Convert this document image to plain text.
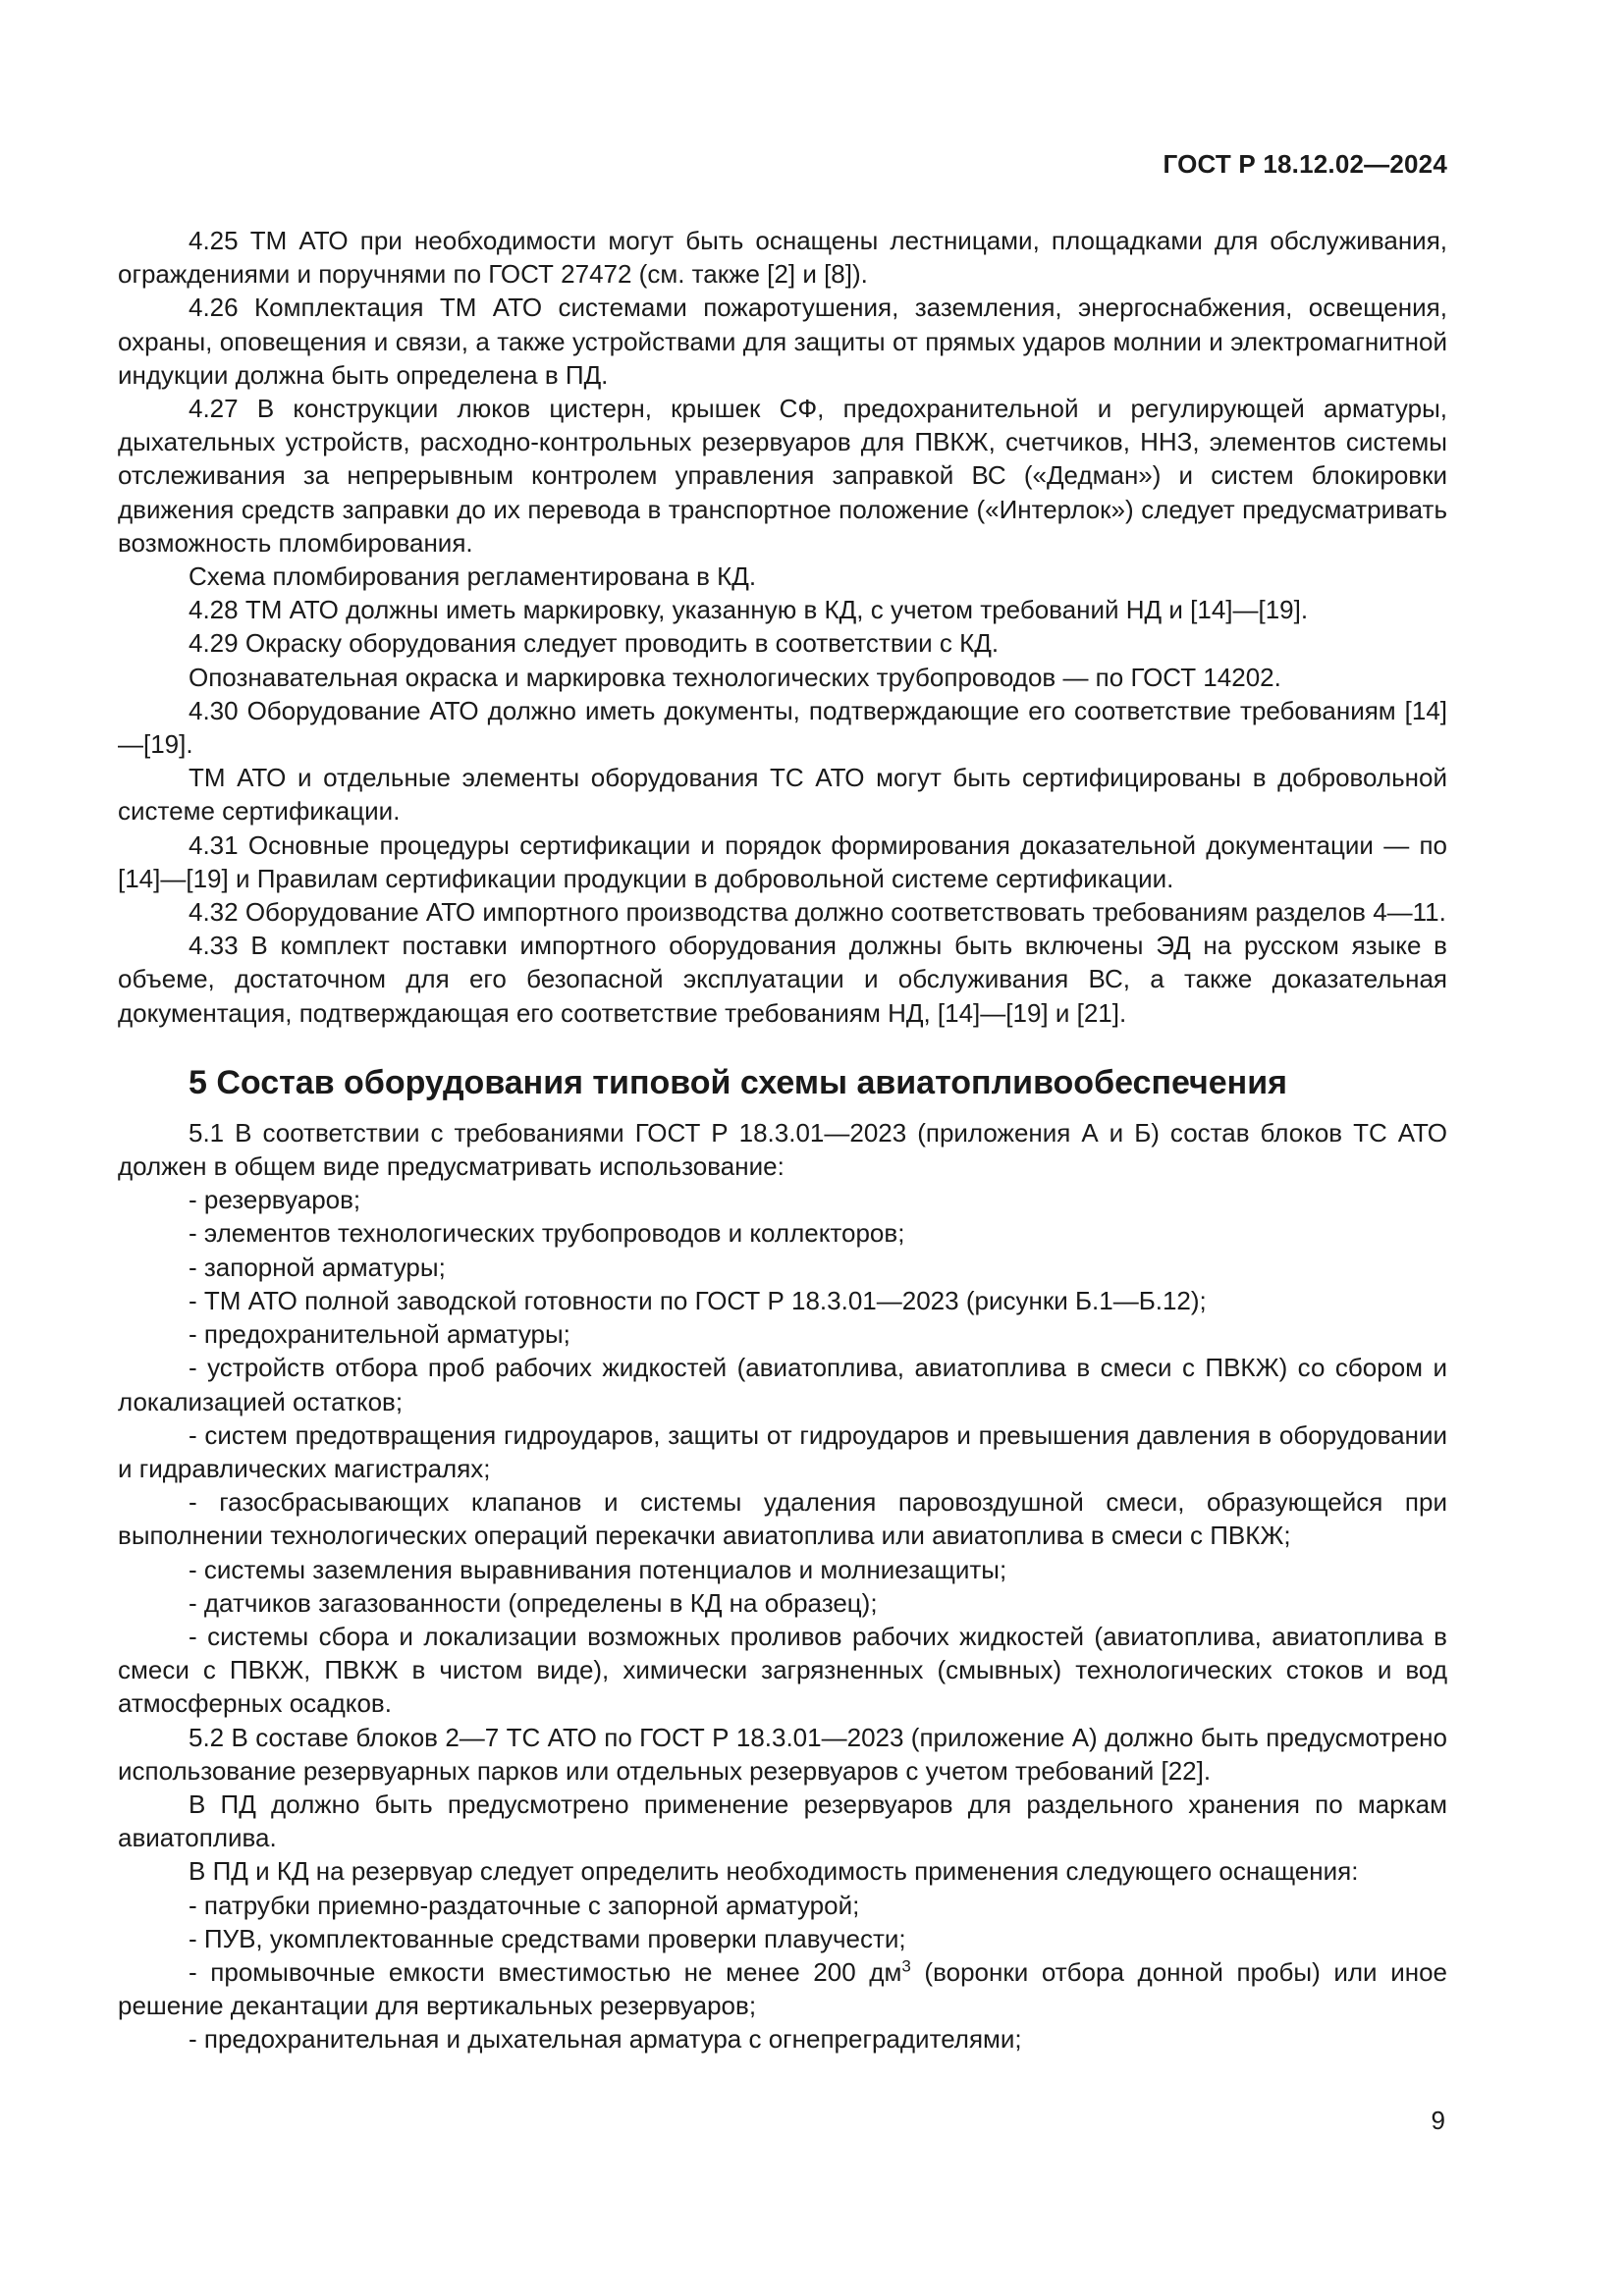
ГОСТ Р 18.12.02—2024

4.25 ТМ АТО при необходимости могут быть оснащены лестницами, площадками для обслуживания, ограждениями и поручнями по ГОСТ 27472 (см. также [2] и [8]).

4.26 Комплектация ТМ АТО системами пожаротушения, заземления, энергоснабжения, освещения, охраны, оповещения и связи, а также устройствами для защиты от прямых ударов молнии и электромагнитной индукции должна быть определена в ПД.

4.27 В конструкции люков цистерн, крышек СФ, предохранительной и регулирующей арматуры, дыхательных устройств, расходно-контрольных резервуаров для ПВКЖ, счетчиков, ННЗ, элементов системы отслеживания за непрерывным контролем управления заправкой ВС («Дедман») и систем блокировки движения средств заправки до их перевода в транспортное положение («Интерлок») следует предусматривать возможность пломбирования.

Схема пломбирования регламентирована в КД.

4.28 ТМ АТО должны иметь маркировку, указанную в КД, с учетом требований НД и [14]—[19].

4.29 Окраску оборудования следует проводить в соответствии с КД.

Опознавательная окраска и маркировка технологических трубопроводов — по ГОСТ 14202.

4.30 Оборудование АТО должно иметь документы, подтверждающие его соответствие требованиям [14]—[19].

ТМ АТО и отдельные элементы оборудования ТС АТО могут быть сертифицированы в добровольной системе сертификации.

4.31 Основные процедуры сертификации и порядок формирования доказательной документации — по [14]—[19] и Правилам сертификации продукции в добровольной системе сертификации.

4.32 Оборудование АТО импортного производства должно соответствовать требованиям разделов 4—11.

4.33 В комплект поставки импортного оборудования должны быть включены ЭД на русском языке в объеме, достаточном для его безопасной эксплуатации и обслуживания ВС, а также доказательная документация, подтверждающая его соответствие требованиям НД, [14]—[19] и [21].

5 Состав оборудования типовой схемы авиатопливообеспечения

5.1 В соответствии с требованиями ГОСТ Р 18.3.01—2023 (приложения А и Б) состав блоков ТС АТО должен в общем виде предусматривать использование:

- резервуаров;

- элементов технологических трубопроводов и коллекторов;

- запорной арматуры;

- ТМ АТО полной заводской готовности по ГОСТ Р 18.3.01—2023 (рисунки Б.1—Б.12);

- предохранительной арматуры;

- устройств отбора проб рабочих жидкостей (авиатоплива, авиатоплива в смеси с ПВКЖ) со сбором и локализацией остатков;

- систем предотвращения гидроударов, защиты от гидроударов и превышения давления в оборудовании и гидравлических магистралях;

- газосбрасывающих клапанов и системы удаления паровоздушной смеси, образующейся при выполнении технологических операций перекачки авиатоплива или авиатоплива в смеси с ПВКЖ;

- системы заземления выравнивания потенциалов и молниезащиты;

- датчиков загазованности (определены в КД на образец);

- системы сбора и локализации возможных проливов рабочих жидкостей (авиатоплива, авиатоплива в смеси с ПВКЖ, ПВКЖ в чистом виде), химически загрязненных (смывных) технологических стоков и вод атмосферных осадков.

5.2 В составе блоков 2—7 ТС АТО по ГОСТ Р 18.3.01—2023 (приложение А) должно быть предусмотрено использование резервуарных парков или отдельных резервуаров с учетом требований [22].

В ПД должно быть предусмотрено применение резервуаров для раздельного хранения по маркам авиатоплива.

В ПД и КД на резервуар следует определить необходимость применения следующего оснащения:

- патрубки приемно-раздаточные с запорной арматурой;

- ПУВ, укомплектованные средствами проверки плавучести;

- промывочные емкости вместимостью не менее 200 $дм^3$ (воронки отбора донной пробы) или иное решение декантации для вертикальных резервуаров;

- предохранительная и дыхательная арматура с огнепреградителями;

9
